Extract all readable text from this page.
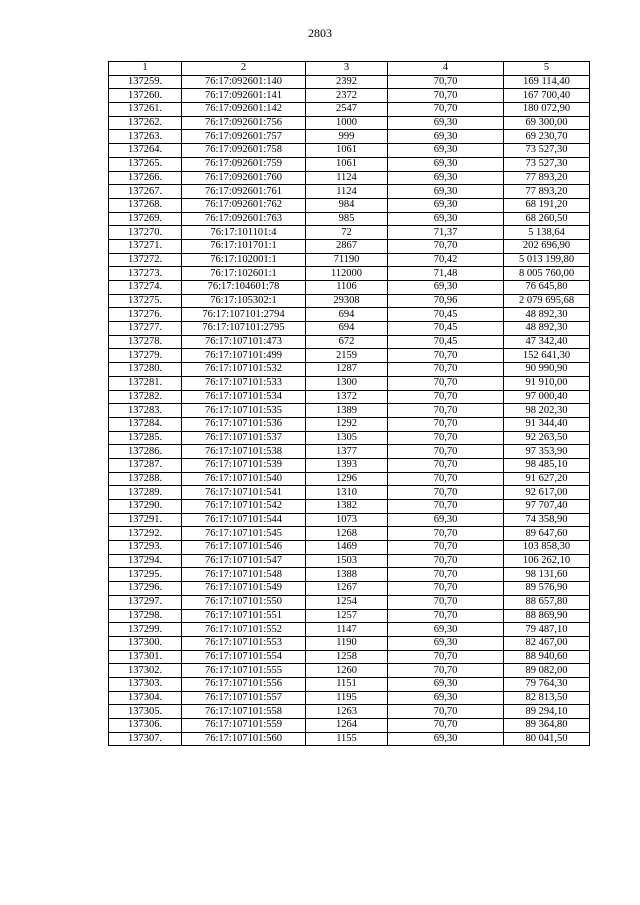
2803
1	2	3	4	5
137259.	76:17:092601:140	2392	70,70	169 114,40
137260.	76:17:092601:141	2372	70,70	167 700,40
137261.	76:17:092601:142	2547	70,70	180 072,90
137262.	76:17:092601:756	1000	69,30	69 300,00
137263.	76:17:092601:757	999	69,30	69 230,70
137264.	76:17:092601:758	1061	69,30	73 527,30
137265.	76:17:092601:759	1061	69,30	73 527,30
137266.	76:17:092601:760	1124	69,30	77 893,20
137267.	76:17:092601:761	1124	69,30	77 893,20
137268.	76:17:092601:762	984	69,30	68 191,20
137269.	76:17:092601:763	985	69,30	68 260,50
137270.	76:17:101101:4	72	71,37	5 138,64
137271.	76:17:101701:1	2867	70,70	202 696,90
137272.	76:17:102001:1	71190	70,42	5 013 199,80
137273.	76:17:102601:1	112000	71,48	8 005 760,00
137274.	76:17:104601:78	1106	69,30	76 645,80
137275.	76:17:105302:1	29308	70,96	2 079 695,68
137276.	76:17:107101:2794	694	70,45	48 892,30
137277.	76:17:107101:2795	694	70,45	48 892,30
137278.	76:17:107101:473	672	70,45	47 342,40
137279.	76:17:107101:499	2159	70,70	152 641,30
137280.	76:17:107101:532	1287	70,70	90 990,90
137281.	76:17:107101:533	1300	70,70	91 910,00
137282.	76:17:107101:534	1372	70,70	97 000,40
137283.	76:17:107101:535	1389	70,70	98 202,30
137284.	76:17:107101:536	1292	70,70	91 344,40
137285.	76:17:107101:537	1305	70,70	92 263,50
137286.	76:17:107101:538	1377	70,70	97 353,90
137287.	76:17:107101:539	1393	70,70	98 485,10
137288.	76:17:107101:540	1296	70,70	91 627,20
137289.	76:17:107101:541	1310	70,70	92 617,00
137290.	76:17:107101:542	1382	70,70	97 707,40
137291.	76:17:107101:544	1073	69,30	74 358,90
137292.	76:17:107101:545	1268	70,70	89 647,60
137293.	76:17:107101:546	1469	70,70	103 858,30
137294.	76:17:107101:547	1503	70,70	106 262,10
137295.	76:17:107101:548	1388	70,70	98 131,60
137296.	76:17:107101:549	1267	70,70	89 576,90
137297.	76:17:107101:550	1254	70,70	88 657,80
137298.	76:17:107101:551	1257	70,70	88 869,90
137299.	76:17:107101:552	1147	69,30	79 487,10
137300.	76:17:107101:553	1190	69,30	82 467,00
137301.	76:17:107101:554	1258	70,70	88 940,60
137302.	76:17:107101:555	1260	70,70	89 082,00
137303.	76:17:107101:556	1151	69,30	79 764,30
137304.	76:17:107101:557	1195	69,30	82 813,50
137305.	76:17:107101:558	1263	70,70	89 294,10
137306.	76:17:107101:559	1264	70,70	89 364,80
137307.	76:17:107101:560	1155	69,30	80 041,50
